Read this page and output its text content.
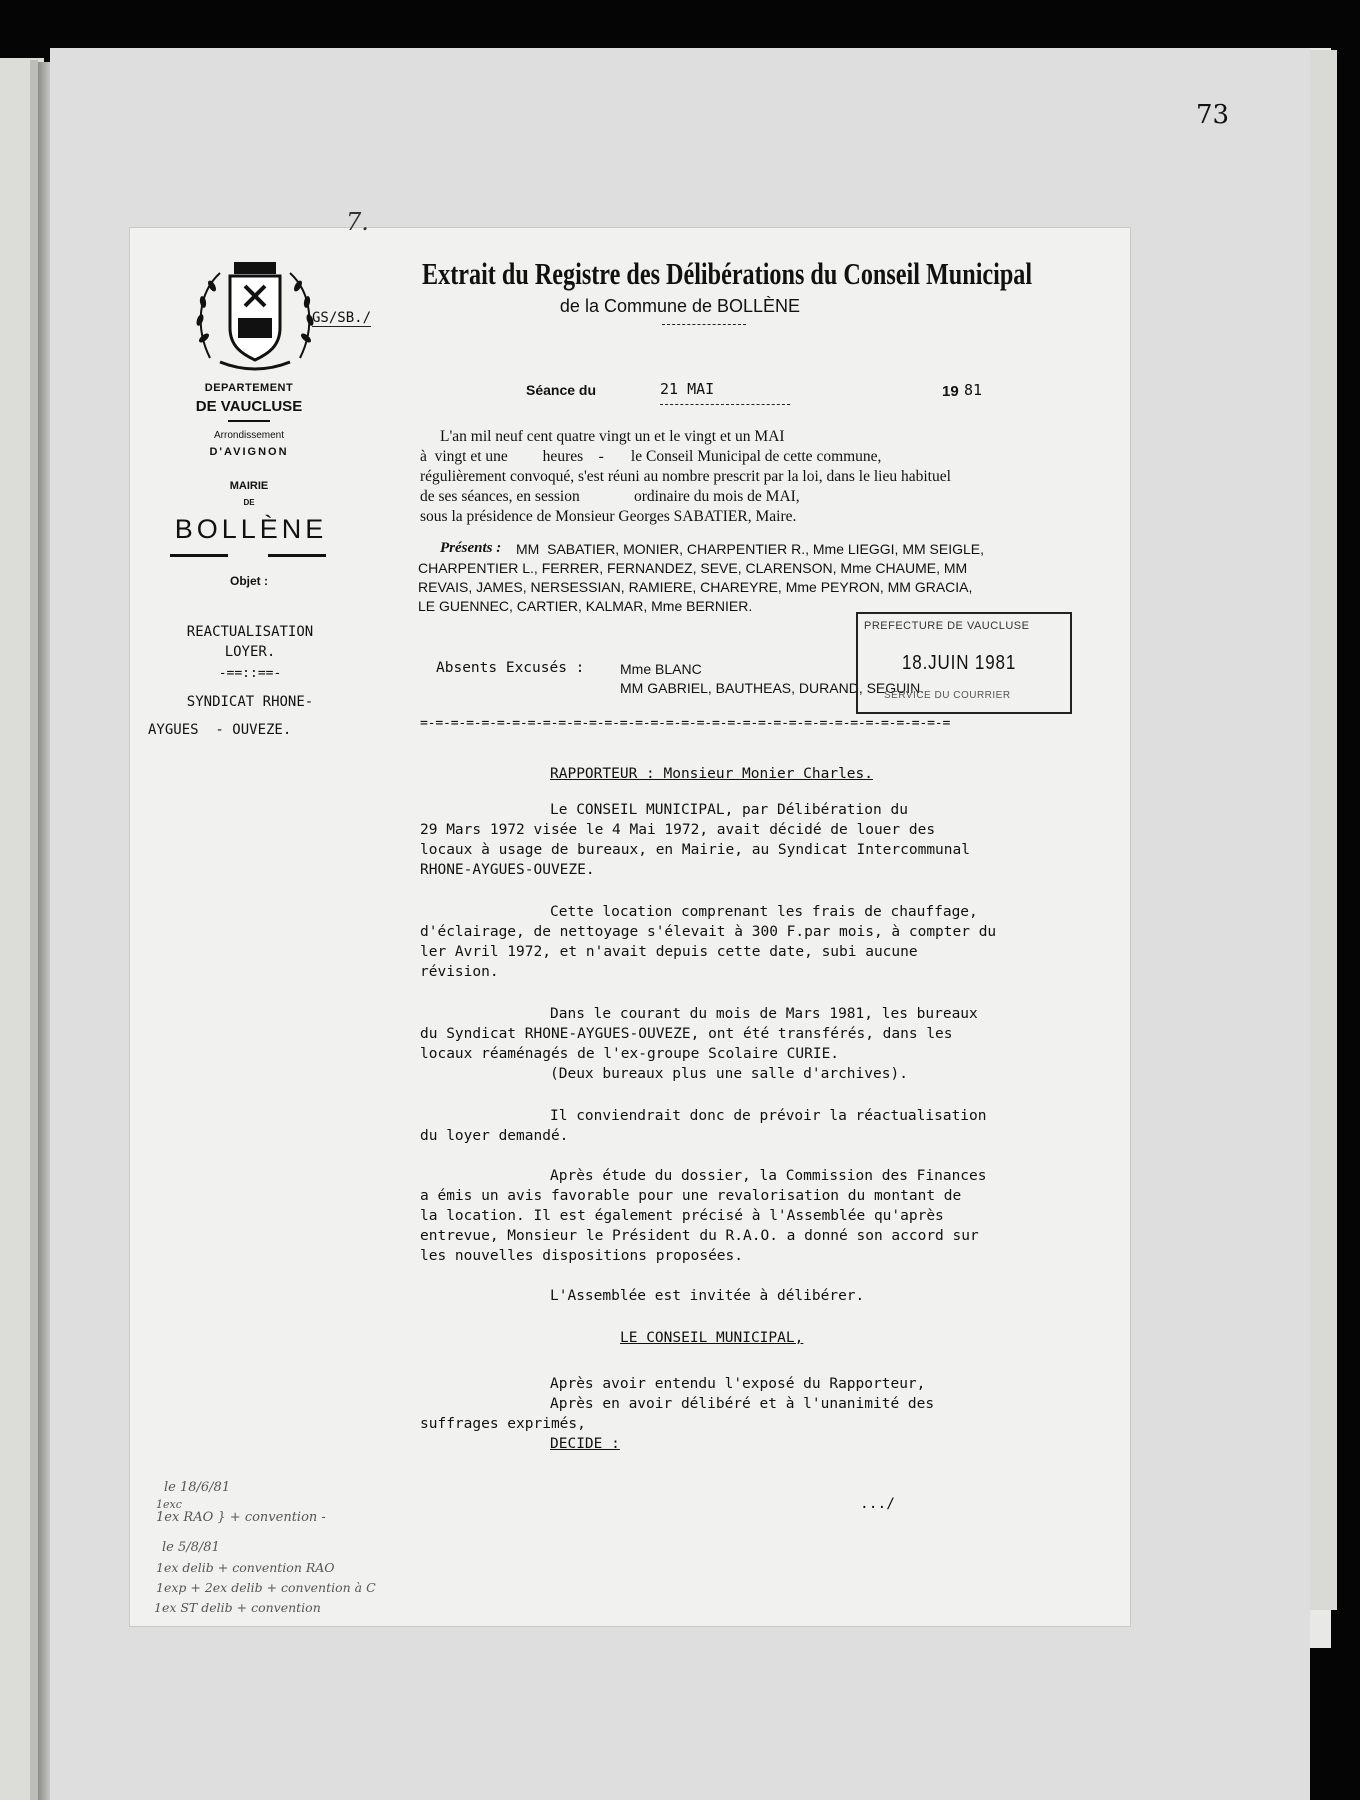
73
7.
GS/SB./
DEPARTEMENT
DE VAUCLUSE
Arrondissement
D'AVIGNON
MAIRIE
DE
BOLLÈNE
Objet :
REACTUALISATION
LOYER.
-==::==-
SYNDICAT RHONE-
AYGUES  - OUVEZE.
Extrait du Registre des Délibérations du Conseil Municipal
de la Commune de BOLLÈNE
Séance du	21 MAI	19 81
L'an mil neuf cent quatre vingt un et le vingt et un MAI
à  vingt et une         heures    -       le Conseil Municipal de cette commune,
régulièrement convoqué, s'est réuni au nombre prescrit par la loi, dans le lieu habituel
de ses séances, en session              ordinaire du mois de MAI,
sous la présidence de Monsieur Georges SABATIER, Maire.
Présents : MM  SABATIER, MONIER, CHARPENTIER R., Mme LIEGGI, MM SEIGLE,
CHARPENTIER L., FERRER, FERNANDEZ, SEVE, CLARENSON, Mme CHAUME, MM
REVAIS, JAMES, NERSESSIAN, RAMIERE, CHAREYRE, Mme PEYRON, MM GRACIA,
LE GUENNEC, CARTIER, KALMAR, Mme BERNIER.
Absents Excusés :	Mme BLANC
MM GABRIEL, BAUTHEAS, DURAND, SEGUIN.
PREFECTURE DE VAUCLUSE
18.JUIN 1981
SERVICE DU COURRIER
=-=-=-=-=-=-=-=-=-=-=-=-=-=-=-=-=-=-=-=-=-=-=-=-=-=-=-=-=-=-=-=-=-=-=
RAPPORTEUR : Monsieur Monier Charles.
Le CONSEIL MUNICIPAL, par Délibération du
29 Mars 1972 visée le 4 Mai 1972, avait décidé de louer des
locaux à usage de bureaux, en Mairie, au Syndicat Intercommunal
RHONE-AYGUES-OUVEZE.
Cette location comprenant les frais de chauffage,
d'éclairage, de nettoyage s'élevait à 300 F.par mois, à compter du
ler Avril 1972, et n'avait depuis cette date, subi aucune
révision.
Dans le courant du mois de Mars 1981, les bureaux
du Syndicat RHONE-AYGUES-OUVEZE, ont été transférés, dans les
locaux réaménagés de l'ex-groupe Scolaire CURIE.
(Deux bureaux plus une salle d'archives).
Il conviendrait donc de prévoir la réactualisation
du loyer demandé.
Après étude du dossier, la Commission des Finances
a émis un avis favorable pour une revalorisation du montant de
la location. Il est également précisé à l'Assemblée qu'après
entrevue, Monsieur le Président du R.A.O. a donné son accord sur
les nouvelles dispositions proposées.
L'Assemblée est invitée à délibérer.
LE CONSEIL MUNICIPAL,
Après avoir entendu l'exposé du Rapporteur,
Après en avoir délibéré et à l'unanimité des
suffrages exprimés,
DECIDE :
.../
le 18/6/81
1exc
1ex RAO } + convention -
le 5/8/81
1ex delib + convention RAO
1exp + 2ex delib + convention à C
1ex ST delib + convention
